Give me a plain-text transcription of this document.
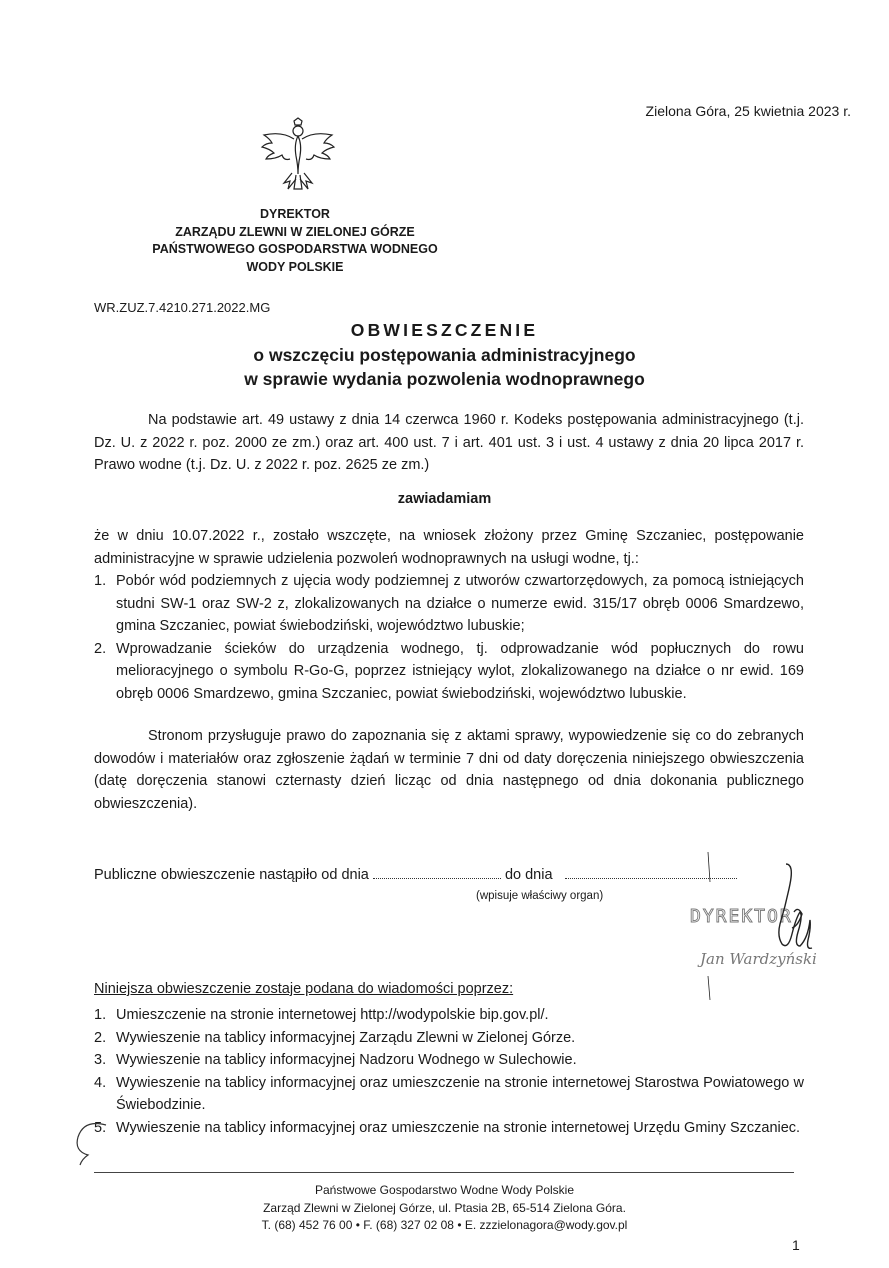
Zielona Góra, 25 kwietnia 2023 r.
DYREKTOR
ZARZĄDU ZLEWNI W ZIELONEJ GÓRZE
PAŃSTWOWEGO GOSPODARSTWA WODNEGO
WODY POLSKIE
WR.ZUZ.7.4210.271.2022.MG
OBWIESZCZENIE
o wszczęciu postępowania administracyjnego
w sprawie wydania pozwolenia wodnoprawnego
Na podstawie art. 49 ustawy z dnia 14 czerwca 1960 r. Kodeks postępowania administracyjnego (t.j. Dz. U. z 2022 r. poz. 2000 ze zm.) oraz art. 400 ust. 7 i art. 401 ust. 3 i ust. 4 ustawy z dnia 20 lipca 2017 r. Prawo wodne (t.j. Dz. U. z 2022 r. poz. 2625 ze zm.)
zawiadamiam
że w dniu 10.07.2022 r., zostało wszczęte, na wniosek złożony przez Gminę Szczaniec, postępowanie administracyjne w sprawie udzielenia pozwoleń wodnoprawnych na usługi wodne, tj.:
1. Pobór wód podziemnych z ujęcia wody podziemnej z utworów czwartorzędowych, za pomocą istniejących studni SW-1 oraz SW-2 z, zlokalizowanych na działce o numerze ewid. 315/17 obręb 0006 Smardzewo, gmina Szczaniec, powiat świebodziński, województwo lubuskie;
2. Wprowadzanie ścieków do urządzenia wodnego, tj. odprowadzanie wód popłucznych do rowu melioracyjnego o symbolu R-Go-G, poprzez istniejący wylot, zlokalizowanego na działce o nr ewid. 169 obręb 0006 Smardzewo, gmina Szczaniec, powiat świebodziński, województwo lubuskie.
Stronom przysługuje prawo do zapoznania się z aktami sprawy, wypowiedzenie się co do zebranych dowodów i materiałów oraz zgłoszenie żądań w terminie 7 dni od daty doręczenia niniejszego obwieszczenia (datę doręczenia stanowi czternasty dzień licząc od dnia następnego od dnia dokonania publicznego obwieszczenia).
Publiczne obwieszczenie nastąpiło od dnia	do dnia
(wpisuje właściwy organ)
DYREKTOR
Jan Wardzyński
Niniejsza obwieszczenie zostaje podana do wiadomości poprzez:
1. Umieszczenie na stronie internetowej http://wodypolskie bip.gov.pl/.
2. Wywieszenie na tablicy informacyjnej Zarządu Zlewni w Zielonej Górze.
3. Wywieszenie na tablicy informacyjnej Nadzoru Wodnego w Sulechowie.
4. Wywieszenie na tablicy informacyjnej oraz umieszczenie na stronie internetowej Starostwa Powiatowego w Świebodzinie.
5. Wywieszenie na tablicy informacyjnej oraz umieszczenie na stronie internetowej Urzędu Gminy Szczaniec.
Państwowe Gospodarstwo Wodne Wody Polskie
Zarząd Zlewni w Zielonej Górze, ul. Ptasia 2B, 65-514 Zielona Góra.
T. (68) 452 76 00 • F. (68) 327 02 08 • E. zzzielonagora@wody.gov.pl
1
